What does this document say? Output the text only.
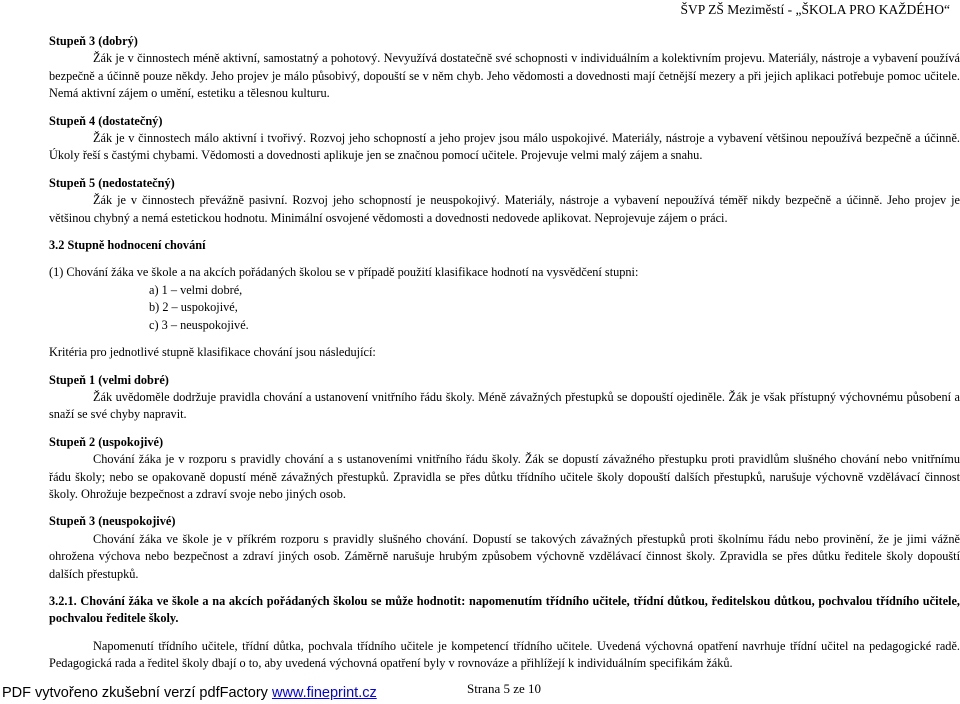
ŠVP ZŠ Meziměstí - „ŠKOLA PRO KAŽDÉHO“

Stupeň 3 (dobrý)

Žák je v činnostech méně aktivní, samostatný a pohotový. Nevyužívá dostatečně své schopnosti v individuálním a kolektivním projevu. Materiály, nástroje a vybavení používá bezpečně a účinně pouze někdy. Jeho projev je málo působivý, dopouští se v něm chyb. Jeho vědomosti a dovednosti mají četnější mezery a při jejich aplikaci potřebuje pomoc učitele. Nemá aktivní zájem o umění, estetiku a tělesnou kulturu.

Stupeň 4 (dostatečný)

Žák je v činnostech málo aktivní i tvořivý. Rozvoj jeho schopností a jeho projev jsou málo uspokojivé. Materiály, nástroje a vybavení většinou nepoužívá bezpečně a účinně. Úkoly řeší s častými chybami. Vědomosti a dovednosti aplikuje jen se značnou pomocí učitele. Projevuje velmi malý zájem a snahu.

Stupeň 5 (nedostatečný)

Žák je v činnostech převážně pasivní. Rozvoj jeho schopností je neuspokojivý. Materiály, nástroje a vybavení nepoužívá téměř nikdy bezpečně a účinně. Jeho projev je většinou chybný a nemá estetickou hodnotu. Minimální osvojené vědomosti a dovednosti nedovede aplikovat. Neprojevuje zájem o práci.

3.2 Stupně hodnocení chování

(1) Chování žáka ve škole a na akcích pořádaných školou se v případě použití klasifikace hodnotí na vysvědčení stupni:

a) 1 – velmi dobré,

b) 2 – uspokojivé,

c) 3 – neuspokojivé.

Kritéria pro jednotlivé stupně klasifikace chování jsou následující:

Stupeň 1 (velmi dobré)

Žák uvědoměle dodržuje pravidla chování a ustanovení vnitřního řádu školy. Méně závažných přestupků se dopouští ojediněle. Žák je však přístupný výchovnému působení a snaží se své chyby napravit.

Stupeň 2 (uspokojivé)

Chování žáka je v rozporu s pravidly chování a s ustanoveními vnitřního řádu školy. Žák se dopustí závažného přestupku proti pravidlům slušného chování nebo vnitřnímu řádu školy; nebo se opakovaně dopustí méně závažných přestupků. Zpravidla se přes důtku třídního učitele školy dopouští dalších přestupků, narušuje výchovně vzdělávací činnost školy. Ohrožuje bezpečnost a zdraví svoje nebo jiných osob.

Stupeň 3 (neuspokojivé)

Chování žáka ve škole je v příkrém rozporu s pravidly slušného chování. Dopustí se takových závažných přestupků proti školnímu řádu nebo provinění, že je jimi vážně ohrožena výchova nebo bezpečnost a zdraví jiných osob. Záměrně narušuje hrubým způsobem výchovně vzdělávací činnost školy. Zpravidla se přes důtku ředitele školy dopouští dalších přestupků.

3.2.1. Chování žáka ve škole a na akcích pořádaných školou se může hodnotit: napomenutím třídního učitele, třídní důtkou, ředitelskou důtkou, pochvalou třídního učitele, pochvalou ředitele školy.

Napomenutí třídního učitele, třídní důtka, pochvala třídního učitele je kompetencí třídního učitele. Uvedená výchovná opatření navrhuje třídní učitel na pedagogické radě. Pedagogická rada a ředitel školy dbají o to, aby uvedená výchovná opatření byly v rovnováze a přihlížejí k individuálním specifikám žáků.

PDF vytvořeno zkušební verzí pdfFactory www.fineprint.cz	Strana 5 ze 10
